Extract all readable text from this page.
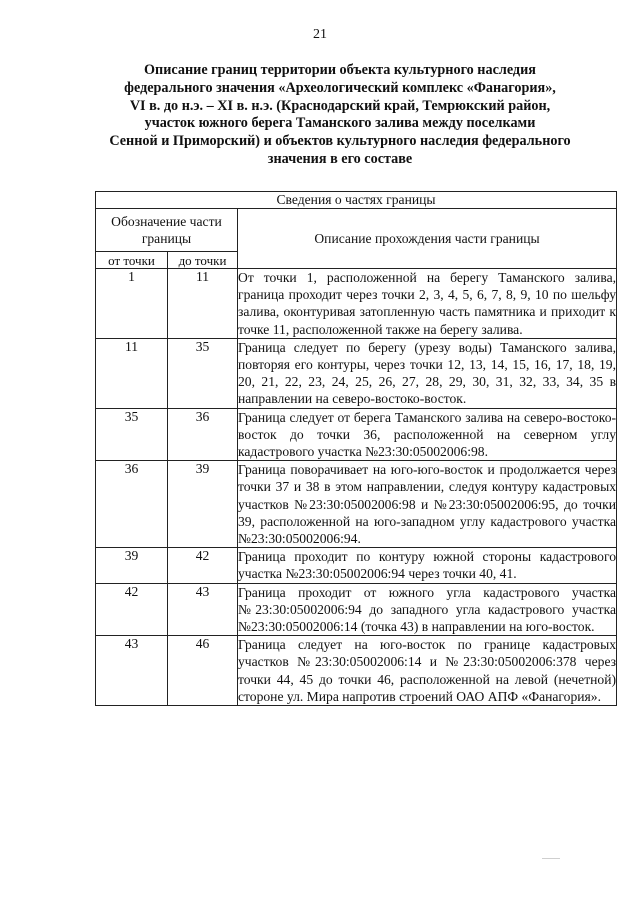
21
Описание границ территории объекта культурного наследия
федерального значения «Археологический комплекс «Фанагория»,
VI в. до н.э. – XI в. н.э. (Краснодарский край, Темрюкский район,
участок южного берега Таманского залива между поселками
Сенной и Приморский) и объектов культурного наследия федерального
значения в его составе
Сведения о частях границы		
Обозначение части границы		Описание прохождения части границы
от точки	до точки	
1	11	От точки 1, расположенной на берегу Таманского залива, граница проходит через точки 2, 3, 4, 5, 6, 7, 8, 9, 10 по шельфу залива, оконтуривая затопленную часть памятника и приходит к точке 11, расположенной также на берегу залива.
11	35	Граница следует по берегу (урезу воды) Таманского залива, повторяя его контуры, через точки 12, 13, 14, 15, 16, 17, 18, 19, 20, 21, 22, 23, 24, 25, 26, 27, 28, 29, 30, 31, 32, 33, 34, 35 в направлении на северо-востоко-восток.
35	36	Граница следует от берега Таманского залива на северо-востоко-восток до точки 36, расположенной на северном углу кадастрового участка №23:30:05002006:98.
36	39	Граница поворачивает на юго-юго-восток и продолжается через точки 37 и 38 в этом направлении, следуя контуру кадастровых участков №23:30:05002006:98 и №23:30:05002006:95, до точки 39, расположенной на юго-западном углу кадастрового участка №23:30:05002006:94.
39	42	Граница проходит по контуру южной стороны кадастрового участка №23:30:05002006:94 через точки 40, 41.
42	43	Граница проходит от южного угла кадастрового участка №23:30:05002006:94 до западного угла кадастрового участка №23:30:05002006:14 (точка 43) в направлении на юго-восток.
43	46	Граница следует на юго-восток по границе кадастровых участков №23:30:05002006:14 и №23:30:05002006:378 через точки 44, 45 до точки 46, расположенной на левой (нечетной) стороне ул. Мира напротив строений ОАО АПФ «Фанагория».
